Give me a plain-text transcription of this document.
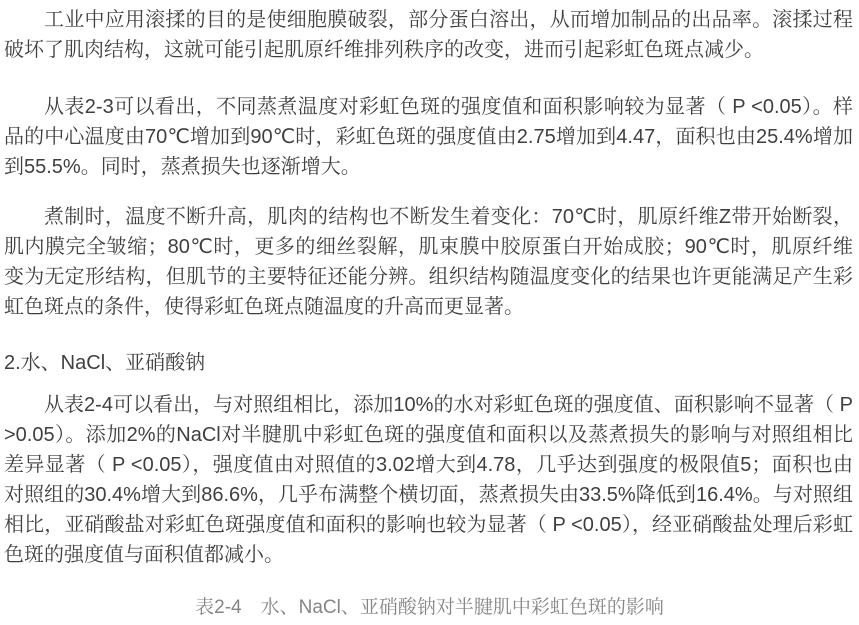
工业中应用滚揉的目的是使细胞膜破裂，部分蛋白溶出，从而增加制品的出品率。滚揉过程破坏了肌肉结构，这就可能引起肌原纤维排列秩序的改变，进而引起彩虹色斑点减少。

从表2-3可以看出，不同蒸煮温度对彩虹色斑的强度值和面积影响较为显著（ P <0.05）。样品的中心温度由70℃增加到90℃时，彩虹色斑的强度值由2.75增加到4.47，面积也由25.4%增加到55.5%。同时，蒸煮损失也逐渐增大。

煮制时，温度不断升高，肌肉的结构也不断发生着变化：70℃时，肌原纤维Z带开始断裂，肌内膜完全皱缩；80℃时，更多的细丝裂解，肌束膜中胶原蛋白开始成胶；90℃时，肌原纤维变为无定形结构，但肌节的主要特征还能分辨。组织结构随温度变化的结果也许更能满足产生彩虹色斑点的条件，使得彩虹色斑点随温度的升高而更显著。

2.水、NaCl、亚硝酸钠

从表2-4可以看出，与对照组相比，添加10%的水对彩虹色斑的强度值、面积影响不显著（ P >0.05）。添加2%的NaCl对半腱肌中彩虹色斑的强度值和面积以及蒸煮损失的影响与对照组相比差异显著（ P <0.05），强度值由对照值的3.02增大到4.78，几乎达到强度的极限值5；面积也由对照组的30.4%增大到86.6%，几乎布满整个横切面，蒸煮损失由33.5%降低到16.4%。与对照组相比，亚硝酸盐对彩虹色斑强度值和面积的影响也较为显著（ P <0.05），经亚硝酸盐处理后彩虹色斑的强度值与面积值都减小。

表2-4　水、NaCl、亚硝酸钠对半腱肌中彩虹色斑的影响
